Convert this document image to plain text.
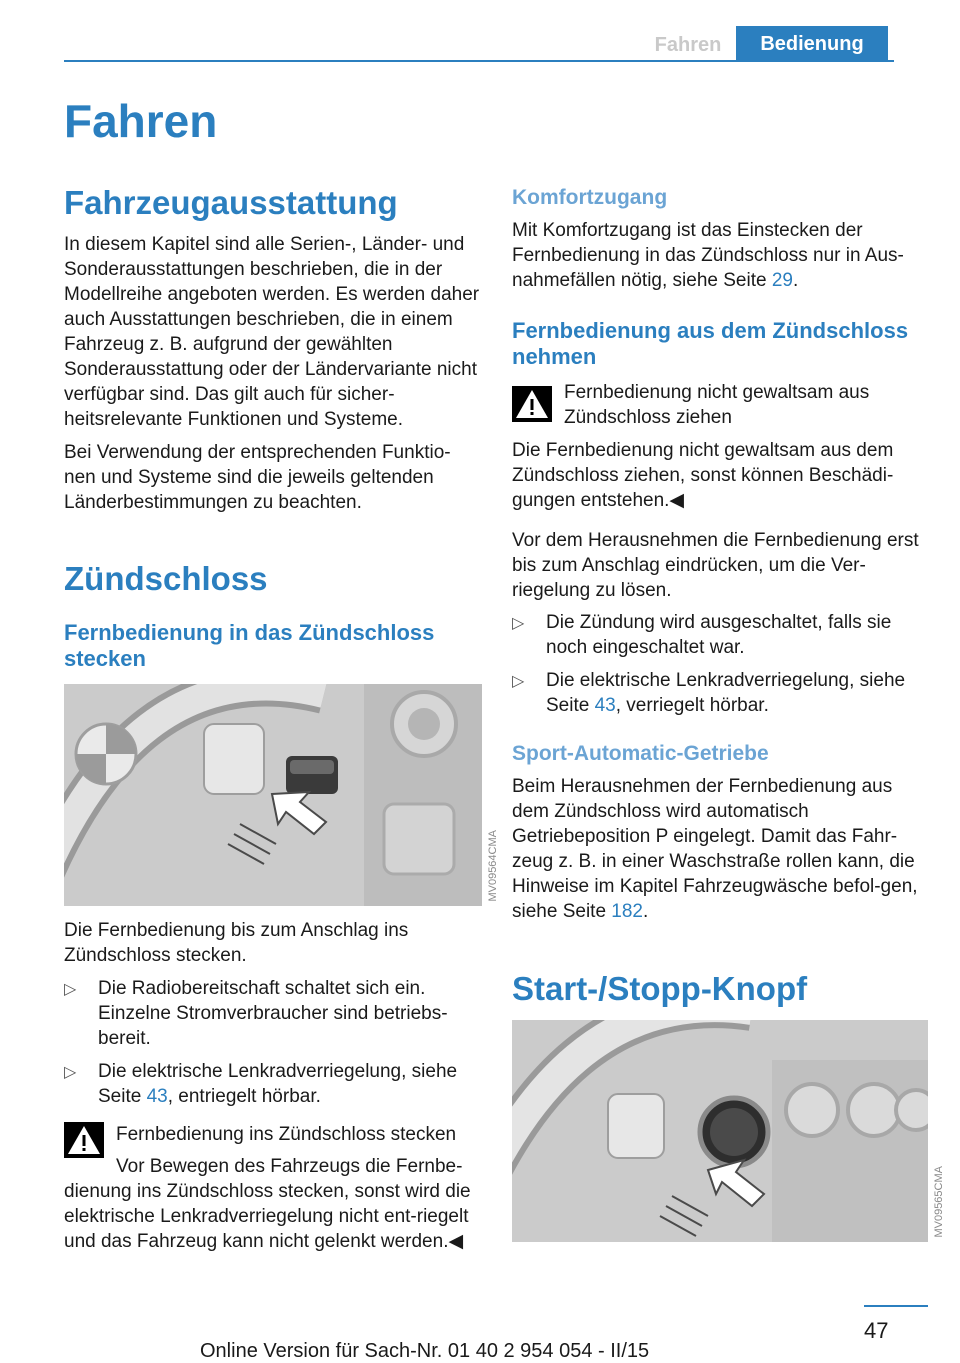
Fahren	Bedienung
Fahren
Fahrzeugausstattung

In diesem Kapitel sind alle Serien-, Länder- und Sonderausstattungen beschrieben, die in der Modellreihe angeboten werden. Es werden daher auch Ausstattungen beschrieben, die in einem Fahrzeug z. B. aufgrund der gewählten Sonderausstattung oder der Ländervariante nicht verfügbar sind. Das gilt auch für sicher-heitsrelevante Funktionen und Systeme.

Bei Verwendung der entsprechenden Funktio-nen und Systeme sind die jeweils geltenden Länderbestimmungen zu beachten.

Zündschloss
Fernbedienung in das Zündschloss stecken
MV09564CMA

Die Fernbedienung bis zum Anschlag ins Zündschloss stecken.

▷	Die Radiobereitschaft schaltet sich ein. Einzelne Stromverbraucher sind betriebs-bereit.
▷	Die elektrische Lenkradverriegelung, siehe Seite 43, entriegelt hörbar.

Fernbedienung ins Zündschloss stecken

Vor Bewegen des Fahrzeugs die Fernbe-dienung ins Zündschloss stecken, sonst wird die elektrische Lenkradverriegelung nicht ent-riegelt und das Fahrzeug kann nicht gelenkt werden.◀

Komfortzugang

Mit Komfortzugang ist das Einstecken der Fernbedienung in das Zündschloss nur in Aus-nahmefällen nötig, siehe Seite 29.

Fernbedienung aus dem Zündschloss nehmen

Fernbedienung nicht gewaltsam aus Zündschloss ziehen

Die Fernbedienung nicht gewaltsam aus dem Zündschloss ziehen, sonst können Beschädi-gungen entstehen.◀

Vor dem Herausnehmen die Fernbedienung erst bis zum Anschlag eindrücken, um die Ver-riegelung zu lösen.

▷	Die Zündung wird ausgeschaltet, falls sie noch eingeschaltet war.
▷	Die elektrische Lenkradverriegelung, siehe Seite 43, verriegelt hörbar.
Sport-Automatic-Getriebe

Beim Herausnehmen der Fernbedienung aus dem Zündschloss wird automatisch Getriebeposition P eingelegt. Damit das Fahr-zeug z. B. in einer Waschstraße rollen kann, die Hinweise im Kapitel Fahrzeugwäsche befol-gen, siehe Seite 182.

Start-/Stopp-Knopf
MV09565CMA
47
Online Version für Sach-Nr. 01 40 2 954 054 - II/15
